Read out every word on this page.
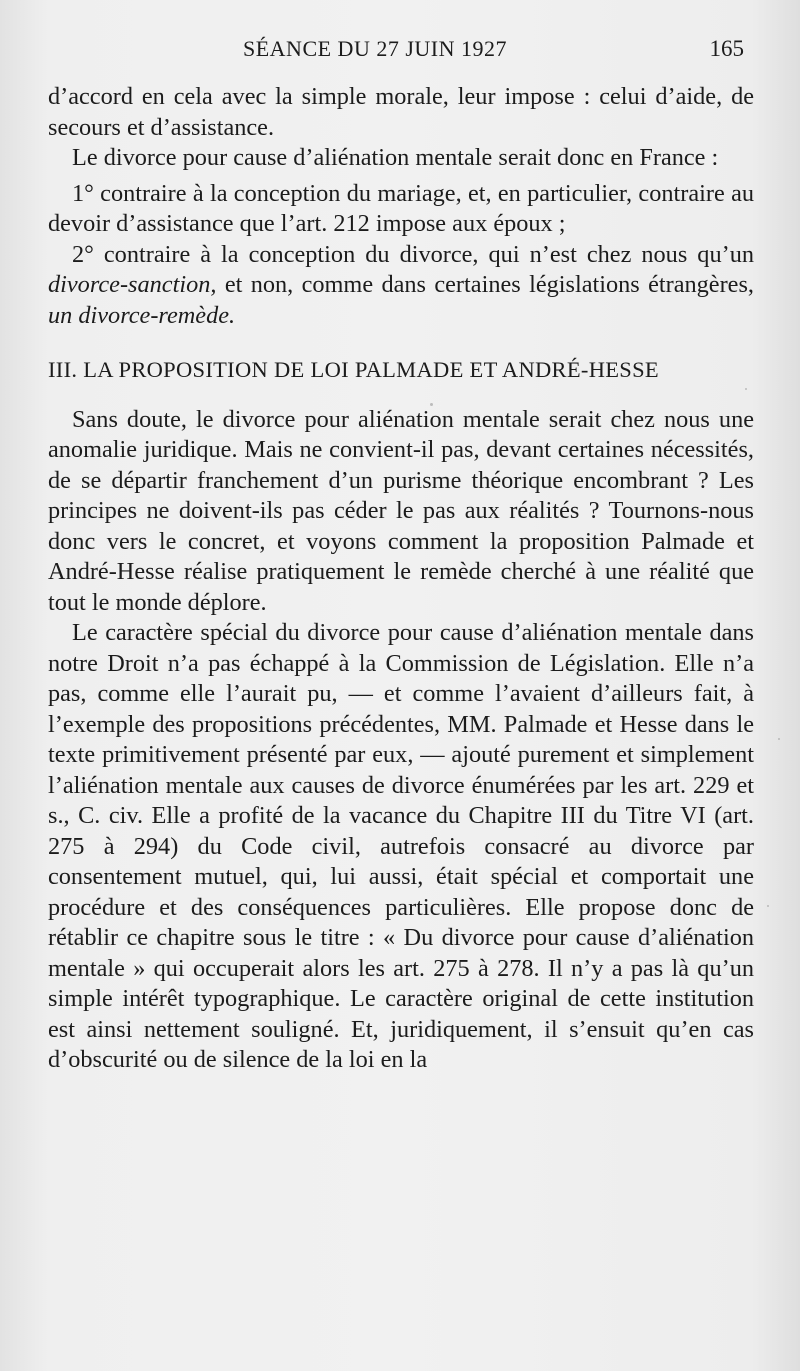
SÉANCE DU 27 JUIN 1927	165

d’accord en cela avec la simple morale, leur impose : celui d’aide, de secours et d’assistance.

Le divorce pour cause d’aliénation mentale serait donc en France :

1° contraire à la conception du mariage, et, en particulier, contraire au devoir d’assistance que l’art. 212 impose aux époux ;

2° contraire à la conception du divorce, qui n’est chez nous qu’un divorce-sanction, et non, comme dans certaines législations étrangères, un divorce-remède.

III. LA PROPOSITION DE LOI PALMADE ET ANDRÉ-HESSE

Sans doute, le divorce pour aliénation mentale serait chez nous une anomalie juridique. Mais ne convient-il pas, devant certaines nécessités, de se départir franchement d’un purisme théorique encombrant ? Les principes ne doivent-ils pas céder le pas aux réalités ? Tournons-nous donc vers le concret, et voyons comment la proposition Palmade et André-Hesse réalise pratiquement le remède cherché à une réalité que tout le monde déplore.

Le caractère spécial du divorce pour cause d’aliénation mentale dans notre Droit n’a pas échappé à la Commission de Législation. Elle n’a pas, comme elle l’aurait pu, — et comme l’avaient d’ailleurs fait, à l’exemple des propositions précédentes, MM. Palmade et Hesse dans le texte primitivement présenté par eux, — ajouté purement et simplement l’aliénation mentale aux causes de divorce énumérées par les art. 229 et s., C. civ. Elle a profité de la vacance du Chapitre III du Titre VI (art. 275 à 294) du Code civil, autrefois consacré au divorce par consentement mutuel, qui, lui aussi, était spécial et comportait une procédure et des conséquences particulières. Elle propose donc de rétablir ce chapitre sous le titre : « Du divorce pour cause d’aliénation mentale » qui occuperait alors les art. 275 à 278. Il n’y a pas là qu’un simple intérêt typographique. Le caractère original de cette institution est ainsi nettement souligné. Et, juridiquement, il s’ensuit qu’en cas d’obscurité ou de silence de la loi en la
